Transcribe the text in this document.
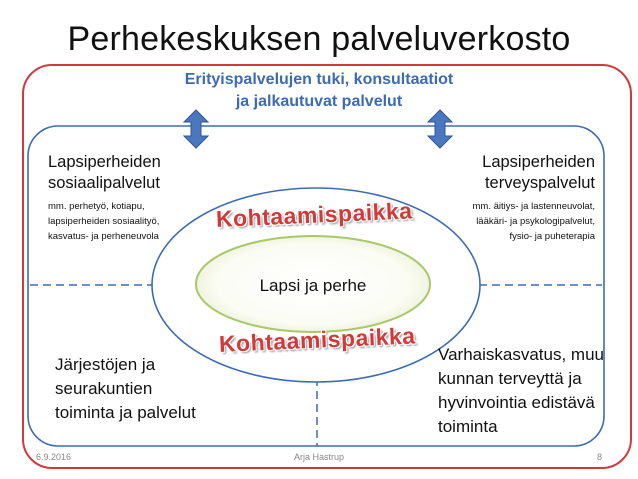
Perhekeskuksen palveluverkosto
Erityispalvelujen tuki, konsultaatiot
ja jalkautuvat palvelut
Lapsiperheiden
sosiaalipalvelut
mm. perhetyö, kotiapu,
lapsiperheiden sosiaalityö,
kasvatus- ja perheneuvola
Lapsiperheiden
terveyspalvelut
mm. äitiys- ja lastenneuvolat,
lääkäri- ja psykologipalvelut,
fysio- ja puheterapia
Järjestöjen ja
seurakuntien
toiminta ja palvelut
Varhaiskasvatus, muu
kunnan terveyttä ja
hyvinvointia edistävä
toiminta
Kohtaamispaikka
Lapsi ja perhe
Kohtaamispaikka
6.9.2016	Arja Hastrup	8
